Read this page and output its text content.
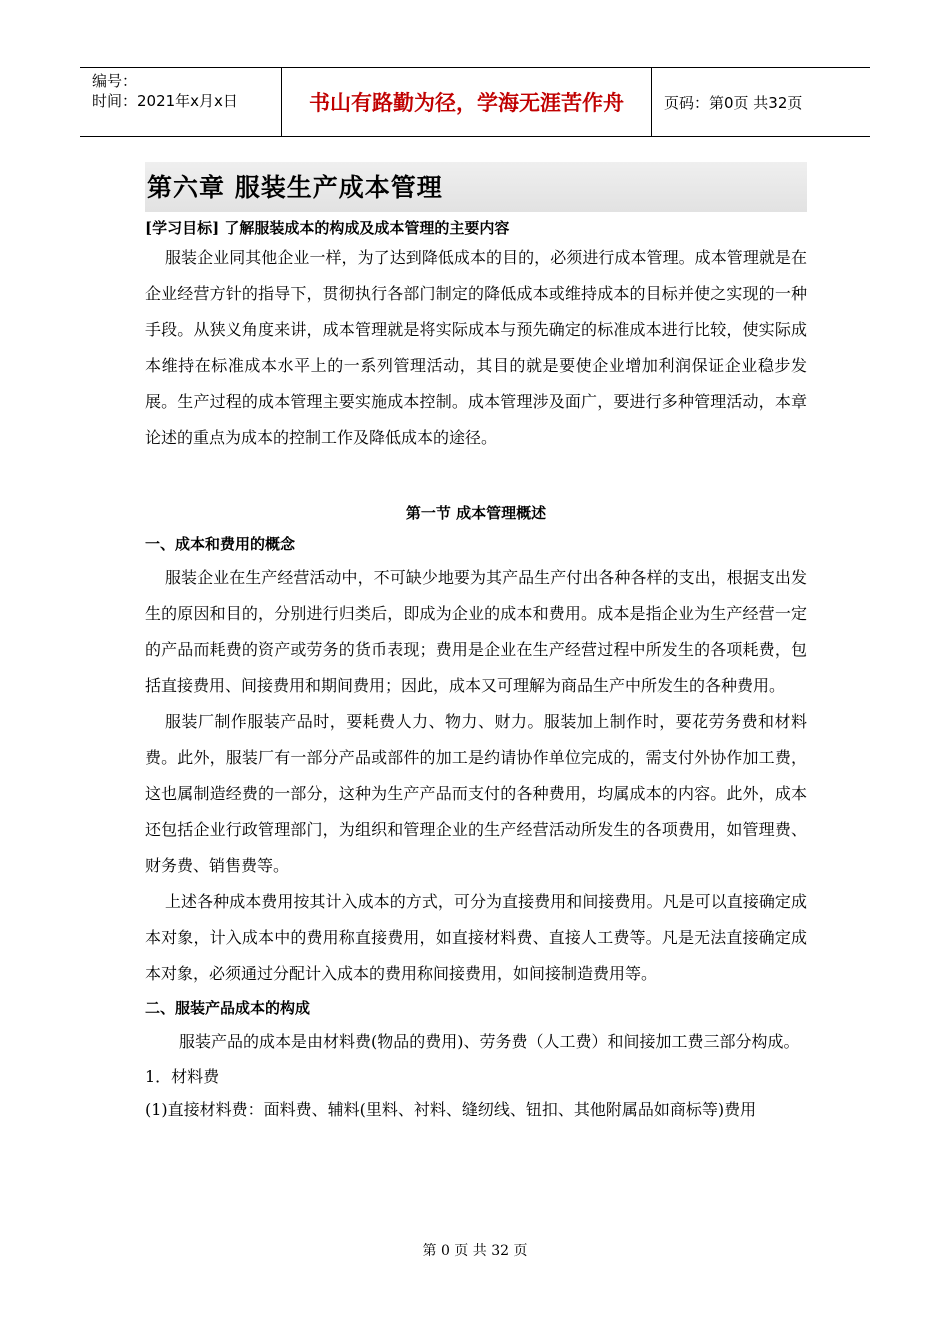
编号：
时间：2021年x月x日	书山有路勤为径，学海无涯苦作舟	页码：第0页 共32页
第六章 服装生产成本管理
[学习目标] 了解服装成本的构成及成本管理的主要内容

服装企业同其他企业一样，为了达到降低成本的目的，必须进行成本管理。成本管理就是在企业经营方针的指导下，贯彻执行各部门制定的降低成本或维持成本的目标并使之实现的一种手段。从狭义角度来讲，成本管理就是将实际成本与预先确定的标准成本进行比较，使实际成本维持在标准成本水平上的一系列管理活动，其目的就是要使企业增加利润保证企业稳步发展。生产过程的成本管理主要实施成本控制。成本管理涉及面广，要进行多种管理活动，本章论述的重点为成本的控制工作及降低成本的途径。

第一节 成本管理概述
一、成本和费用的概念

服装企业在生产经营活动中，不可缺少地要为其产品生产付出各种各样的支出，根据支出发生的原因和目的，分别进行归类后，即成为企业的成本和费用。成本是指企业为生产经营一定的产品而耗费的资产或劳务的货币表现；费用是企业在生产经营过程中所发生的各项耗费，包括直接费用、间接费用和期间费用；因此，成本又可理解为商品生产中所发生的各种费用。

服装厂制作服装产品时，要耗费人力、物力、财力。服装加上制作时，要花劳务费和材料费。此外，服装厂有一部分产品或部件的加工是约请协作单位完成的，需支付外协作加工费，这也属制造经费的一部分，这种为生产产品而支付的各种费用，均属成本的内容。此外，成本还包括企业行政管理部门，为组织和管理企业的生产经营活动所发生的各项费用，如管理费、财务费、销售费等。

上述各种成本费用按其计入成本的方式，可分为直接费用和间接费用。凡是可以直接确定成本对象，计入成本中的费用称直接费用，如直接材料费、直接人工费等。凡是无法直接确定成本对象，必须通过分配计入成本的费用称间接费用，如间接制造费用等。

二、服装产品成本的构成

服装产品的成本是由材料费(物品的费用)、劳务费（人工费）和间接加工费三部分构成。

1．材料费
(1)直接材料费：面料费、辅料(里料、衬料、缝纫线、钮扣、其他附属品如商标等)费用
第 0 页 共 32 页
